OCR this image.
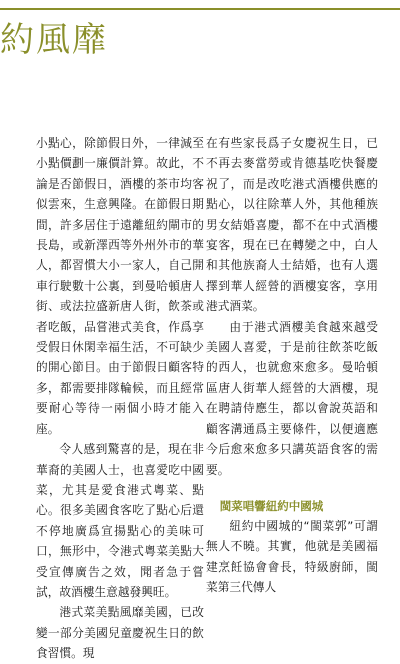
約風靡

小點心，除節假日外，一律減至小點價劃一廉價計算。故此，不論是否節假日，酒樓的茶市均客似雲來，生意興隆。在節假日期間，許多居住于遠離紐約閘市的長島，或新澤西等外州外市的華人，都習慣大小一家人，自己開車行駛數十公裏，到曼哈頓唐人街、或法拉盛新唐人街，飲茶或者吃飯，品嘗港式美食，作爲享受假日休閑幸福生活，不可缺少的開心節目。由于節假日顧客特多，都需要排隊輪候，而且經常要耐心等待一兩個小時才能入座。

令人感到驚喜的是，現在非華裔的美國人士，也喜愛吃中國菜，尤其是愛食港式粵菜、點心。很多美國食客吃了點心后還不停地廣爲宣揚點心的美味可口，無形中，令港式粵菜美點大受宣傳廣告之效，聞者急于嘗試，故酒樓生意越發興旺。

港式菜美點風靡美國，已改變一部分美國兒童慶祝生日的飲食習慣。現

在有些家長爲子女慶祝生日，已不再去麥當勞或肯德基吃快餐慶祝了，而是改吃港式酒樓供應的點心，以往除華人外，其他種族男女結婚喜慶，都不在中式酒樓宴客，現在已在轉變之中，白人和其他族裔人士結婚，也有人選擇到華人經營的酒樓宴客，享用港式酒菜。

由于港式酒樓美食越來越受美國人喜愛，于是前往飲茶吃飯的西人，也就愈來愈多。曼哈頓區唐人街華人經營的大酒樓，現在聘請侍應生，都以會說英語和顧客溝通爲主要條件，以便適應今后愈來愈多只講英語食客的需要。

閩菜唱響紐約中國城

紐約中國城的“閩菜郭”可謂無人不曉。其實，他就是美國福建烹飪協會會長，特級廚師，閩菜第三代傳人
